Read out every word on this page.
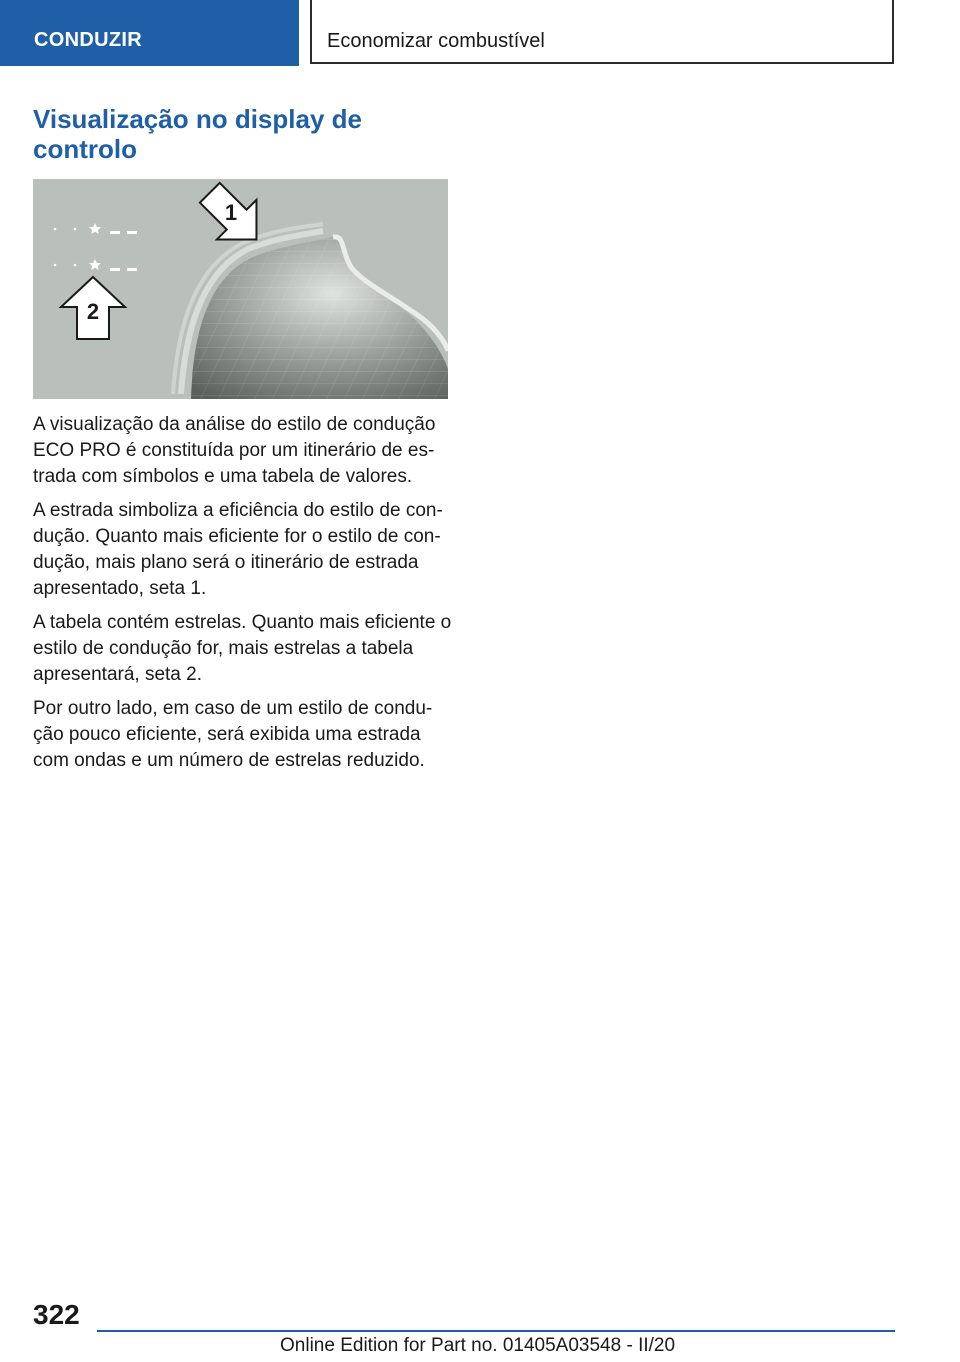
CONDUZIR	Economizar combustível
Visualização no display de controlo
1
2

A visualização da análise do estilo de condução ECO PRO é constituída por um itinerário de estrada com símbolos e uma tabela de valores.

A estrada simboliza a eficiência do estilo de condução. Quanto mais eficiente for o estilo de condução, mais plano será o itinerário de estrada apresentado, seta 1.

A tabela contém estrelas. Quanto mais eficiente o estilo de condução for, mais estrelas a tabela apresentará, seta 2.

Por outro lado, em caso de um estilo de condução pouco eficiente, será exibida uma estrada com ondas e um número de estrelas reduzido.

322
Online Edition for Part no. 01405A03548 - II/20
